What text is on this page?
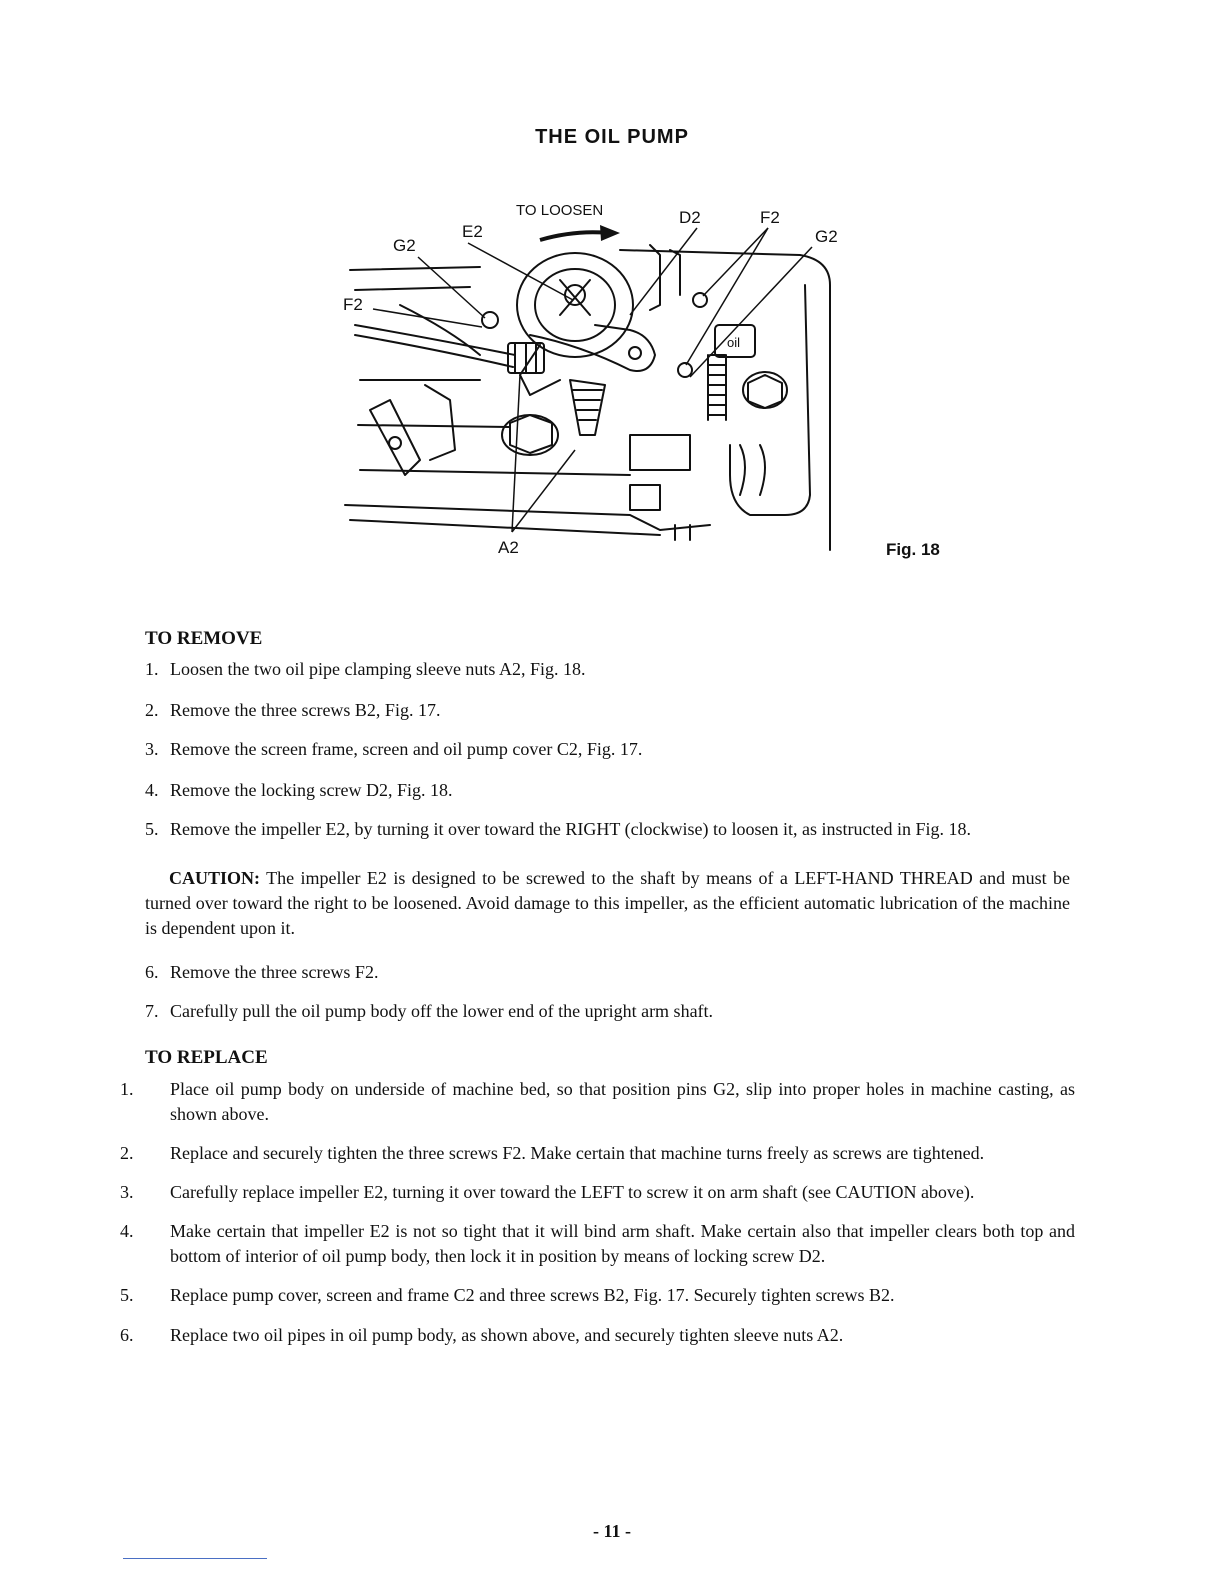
THE OIL PUMP
oil
TO LOOSEN
E2
G2
F2
D2	F2
G2
A2	Fig. 18
TO REMOVE
1. Loosen the two oil pipe clamping sleeve nuts A2, Fig. 18.
2. Remove the three screws B2, Fig. 17.
3. Remove the screen frame, screen and oil pump cover C2, Fig. 17.
4. Remove the locking screw D2, Fig. 18.
5. Remove the impeller E2, by turning it over toward the RIGHT (clockwise) to loosen it, as instructed in Fig. 18.
CAUTION: The impeller E2 is designed to be screwed to the shaft by means of a LEFT-HAND THREAD and must be turned over toward the right to be loosened. Avoid damage to this impeller, as the efficient automatic lubrication of the machine is dependent upon it.
6. Remove the three screws F2.
7. Carefully pull the oil pump body off the lower end of the upright arm shaft.
TO REPLACE
1. Place oil pump body on underside of machine bed, so that position pins G2, slip into proper holes in machine casting, as shown above.
2. Replace and securely tighten the three screws F2. Make certain that machine turns freely as screws are tightened.
3. Carefully replace impeller E2, turning it over toward the LEFT to screw it on arm shaft (see CAUTION above).
4. Make certain that impeller E2 is not so tight that it will bind arm shaft. Make certain also that impeller clears both top and bottom of interior of oil pump body, then lock it in position by means of locking screw D2.
5. Replace pump cover, screen and frame C2 and three screws B2, Fig. 17. Securely tighten screws B2.
6. Replace two oil pipes in oil pump body, as shown above, and securely tighten sleeve nuts A2.
- 11 -
